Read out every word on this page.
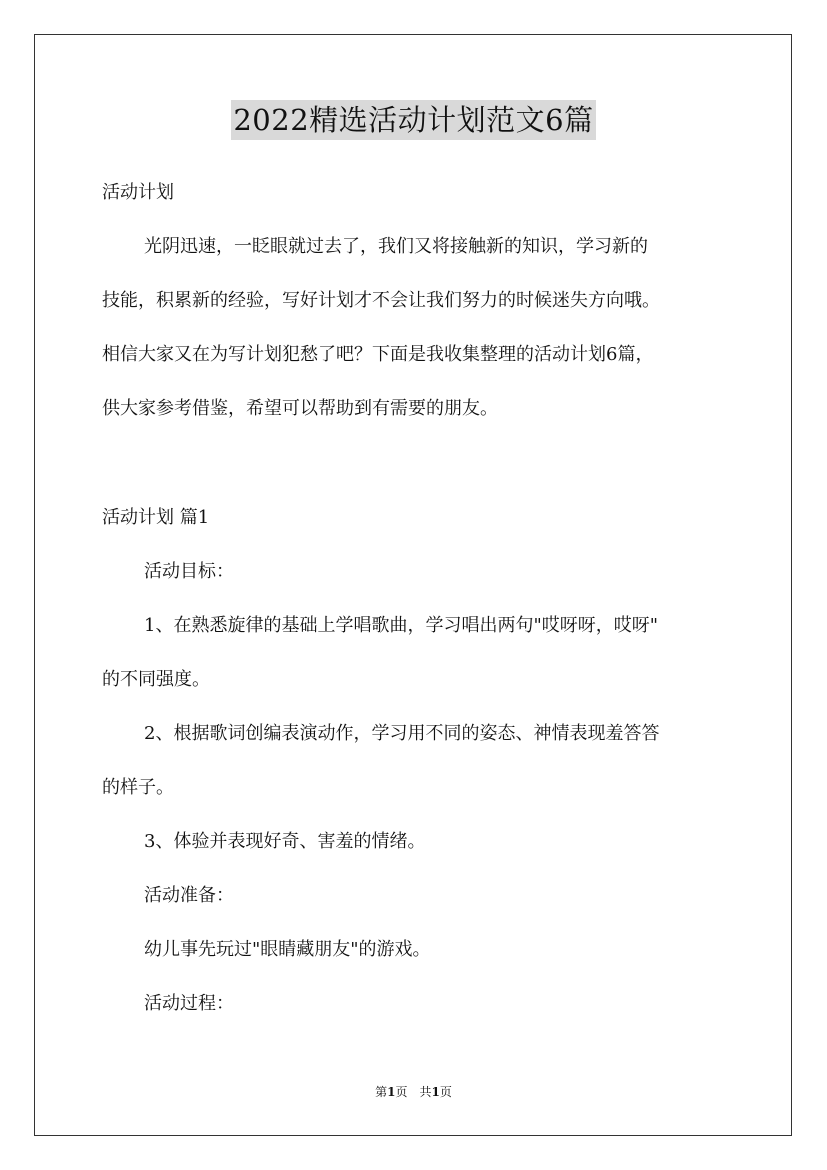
2022精选活动计划范文6篇
活动计划
光阴迅速，一眨眼就过去了，我们又将接触新的知识，学习新的
技能，积累新的经验，写好计划才不会让我们努力的时候迷失方向哦。
相信大家又在为写计划犯愁了吧？下面是我收集整理的活动计划6篇，
供大家参考借鉴，希望可以帮助到有需要的朋友。
活动计划 篇1
活动目标：
1、在熟悉旋律的基础上学唱歌曲，学习唱出两句"哎呀呀，哎呀"
的不同强度。
2、根据歌词创编表演动作，学习用不同的姿态、神情表现羞答答
的样子。
3、体验并表现好奇、害羞的情绪。
活动准备：
幼儿事先玩过"眼睛藏朋友"的游戏。
活动过程：
第1页　共1页
